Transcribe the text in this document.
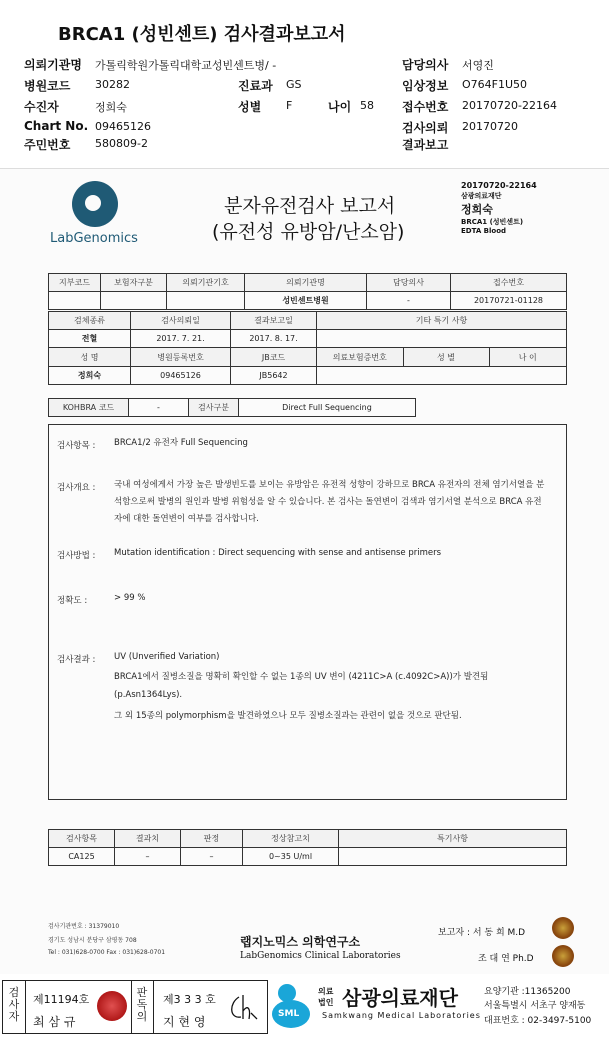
BRCA1 (성빈센트) 검사결과보고서
의뢰기관명 가톨릭학원가톨릭대학교성빈센트병/ -	담당의사 서영진
병원코드 30282	진료과 GS	임상정보 O764F1U50
수진자	정희숙	성별 F	나이 58 접수번호 20170720-22164
Chart No. 09465126	검사의뢰 20170720
주민번호 580809-2	결과보고
LabGenomics
분자유전검사 보고서
(유전성 유방암/난소암)
20170720-22164
삼광의료재단
정희숙
BRCA1 (성빈센트)
EDTA Blood
지부코드	보험자구분	의뢰기관기호	의뢰기관명	담당의사	접수번호
			성빈센트병원	-	20170721-01128
검체종류	검사의뢰일	결과보고일	기타 특기 사항
전혈	2017. 7. 21.	2017. 8. 17.	
성 명	병원등록번호	JB코드		의료보험증번호	성 별	나 이

정희숙	09465126	JB5642	
KOHBRA 코드	-	검사구분	Direct Full Sequencing
검사항목 : BRCA1/2 유전자 Full Sequencing
검사개요 : 국내 여성에게서 가장 높은 발생빈도를 보이는 유방암은 유전적 성향이 강하므로 BRCA 유전자의 전체 염기서열을 분석함으로써 발병의 원인과 발병 위험성을 알 수 있습니다. 본 검사는 돌연변이 검색과 염기서열 분석으로 BRCA 유전자에 대한 돌연변이 여부를 검사합니다.
검사방법 : Mutation identification : Direct sequencing with sense and antisense primers
정확도 :	> 99 %
검사결과 : UV (Unverified Variation)
BRCA1에서 질병소질을 명확히 확인할 수 없는 1종의 UV 변이 (4211C>A (c.4092C>A))가 발견됨
(p.Asn1364Lys).
그 외 15종의 polymorphism을 발견하였으나 모두 질병소질과는 관련이 없을 것으로 판단됨.
검사항목	결과치	판정	정상참고치	특기사항
CA125	–	–	0~35 U/ml	
검사기관번호 : 31379010
경기도 성남시 분당구 삼평동 708
Tel : 031)628-0700 Fax : 031)628-0701
랩지노믹스 의학연구소
LabGenomics Clinical Laboratories
보고자 : 서 동 희 M.D
조 대 연 Ph.D
검사자
제11194호
최 삼 규
판독의
제3 3 3 호
지 현 영
SML
의료
법인 삼광의료재단
Samkwang Medical Laboratories
요양기관 :11365200
서울특별시 서초구 양재동
대표번호 : 02-3497-5100
